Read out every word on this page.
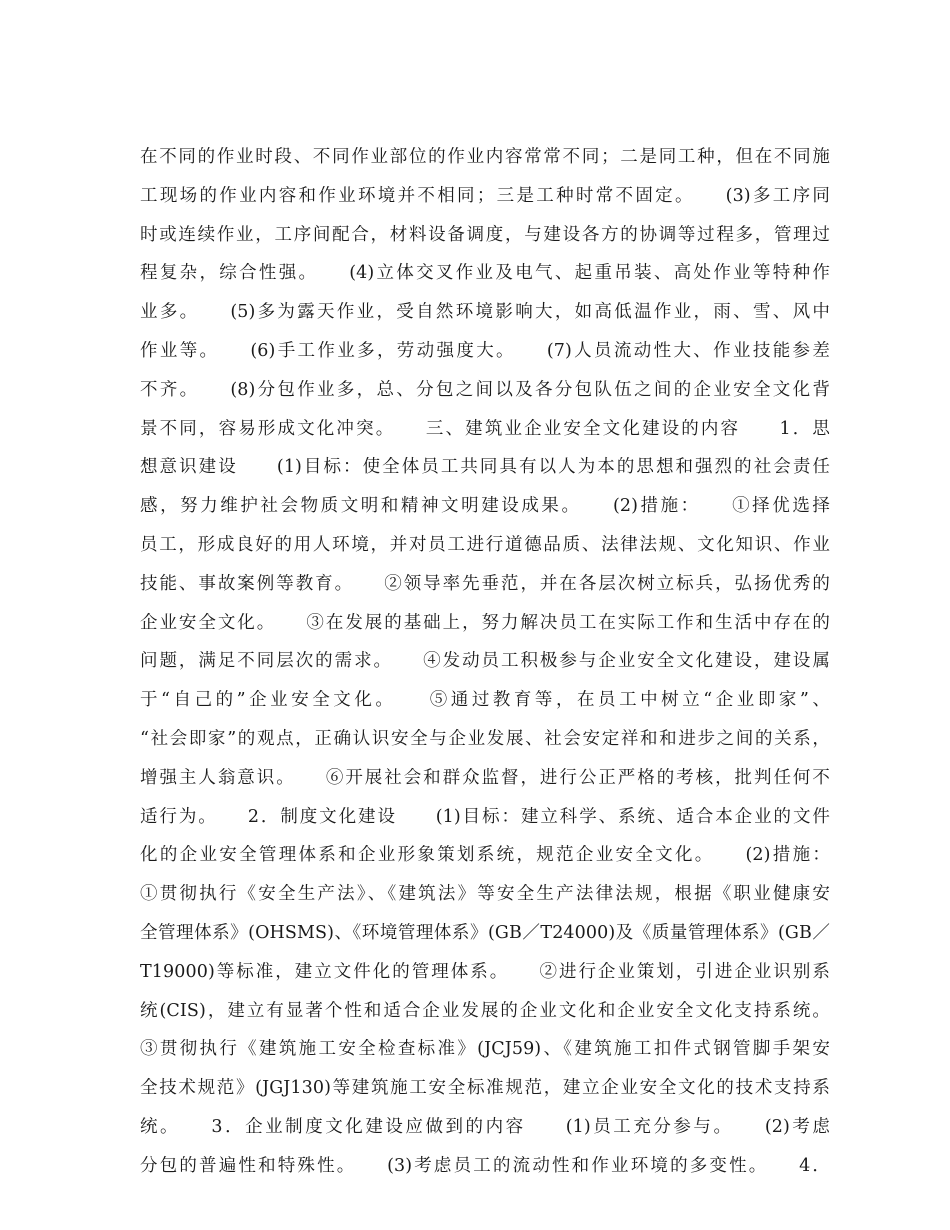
在不同的作业时段、不同作业部位的作业内容常常不同；二是同工种，但在不同施
工现场的作业内容和作业环境并不相同；三是工种时常不固定。　　(3)多工序同
时或连续作业，工序间配合，材料设备调度，与建设各方的协调等过程多，管理过
程复杂，综合性强。　　(4)立体交叉作业及电气、起重吊装、高处作业等特种作
业多。　　(5)多为露天作业，受自然环境影响大，如高低温作业，雨、雪、风中
作业等。　　(6)手工作业多，劳动强度大。　　(7)人员流动性大、作业技能参差
不齐。　　(8)分包作业多，总、分包之间以及各分包队伍之间的企业安全文化背
景不同，容易形成文化冲突。　　三、建筑业企业安全文化建设的内容　　1．思
想意识建设　　(1)目标：使全体员工共同具有以人为本的思想和强烈的社会责任
感，努力维护社会物质文明和精神文明建设成果。　　(2)措施：　　①择优选择
员工，形成良好的用人环境，并对员工进行道德品质、法律法规、文化知识、作业
技能、事故案例等教育。　　②领导率先垂范，并在各层次树立标兵，弘扬优秀的
企业安全文化。　　③在发展的基础上，努力解决员工在实际工作和生活中存在的
问题，满足不同层次的需求。　　④发动员工积极参与企业安全文化建设，建设属
于“自己的”企业安全文化。　　⑤通过教育等，在员工中树立“企业即家”、
“社会即家”的观点，正确认识安全与企业发展、社会安定祥和和进步之间的关系，
增强主人翁意识。　　⑥开展社会和群众监督，进行公正严格的考核，批判任何不
适行为。　　2．制度文化建设　　(1)目标：建立科学、系统、适合本企业的文件
化的企业安全管理体系和企业形象策划系统，规范企业安全文化。　　(2)措施：
①贯彻执行《安全生产法》、《建筑法》等安全生产法律法规，根据《职业健康安
全管理体系》(OHSMS)、《环境管理体系》(GB／T24000)及《质量管理体系》(GB／
T19000)等标准，建立文件化的管理体系。　　②进行企业策划，引进企业识别系
统(CIS)，建立有显著个性和适合企业发展的企业文化和企业安全文化支持系统。
③贯彻执行《建筑施工安全检查标准》(JCJ59)、《建筑施工扣件式钢管脚手架安
全技术规范》(JGJ130)等建筑施工安全标准规范，建立企业安全文化的技术支持系
统。　　3．企业制度文化建设应做到的内容　　(1)员工充分参与。　　(2)考虑
分包的普遍性和特殊性。　　(3)考虑员工的流动性和作业环境的多变性。　　4．
